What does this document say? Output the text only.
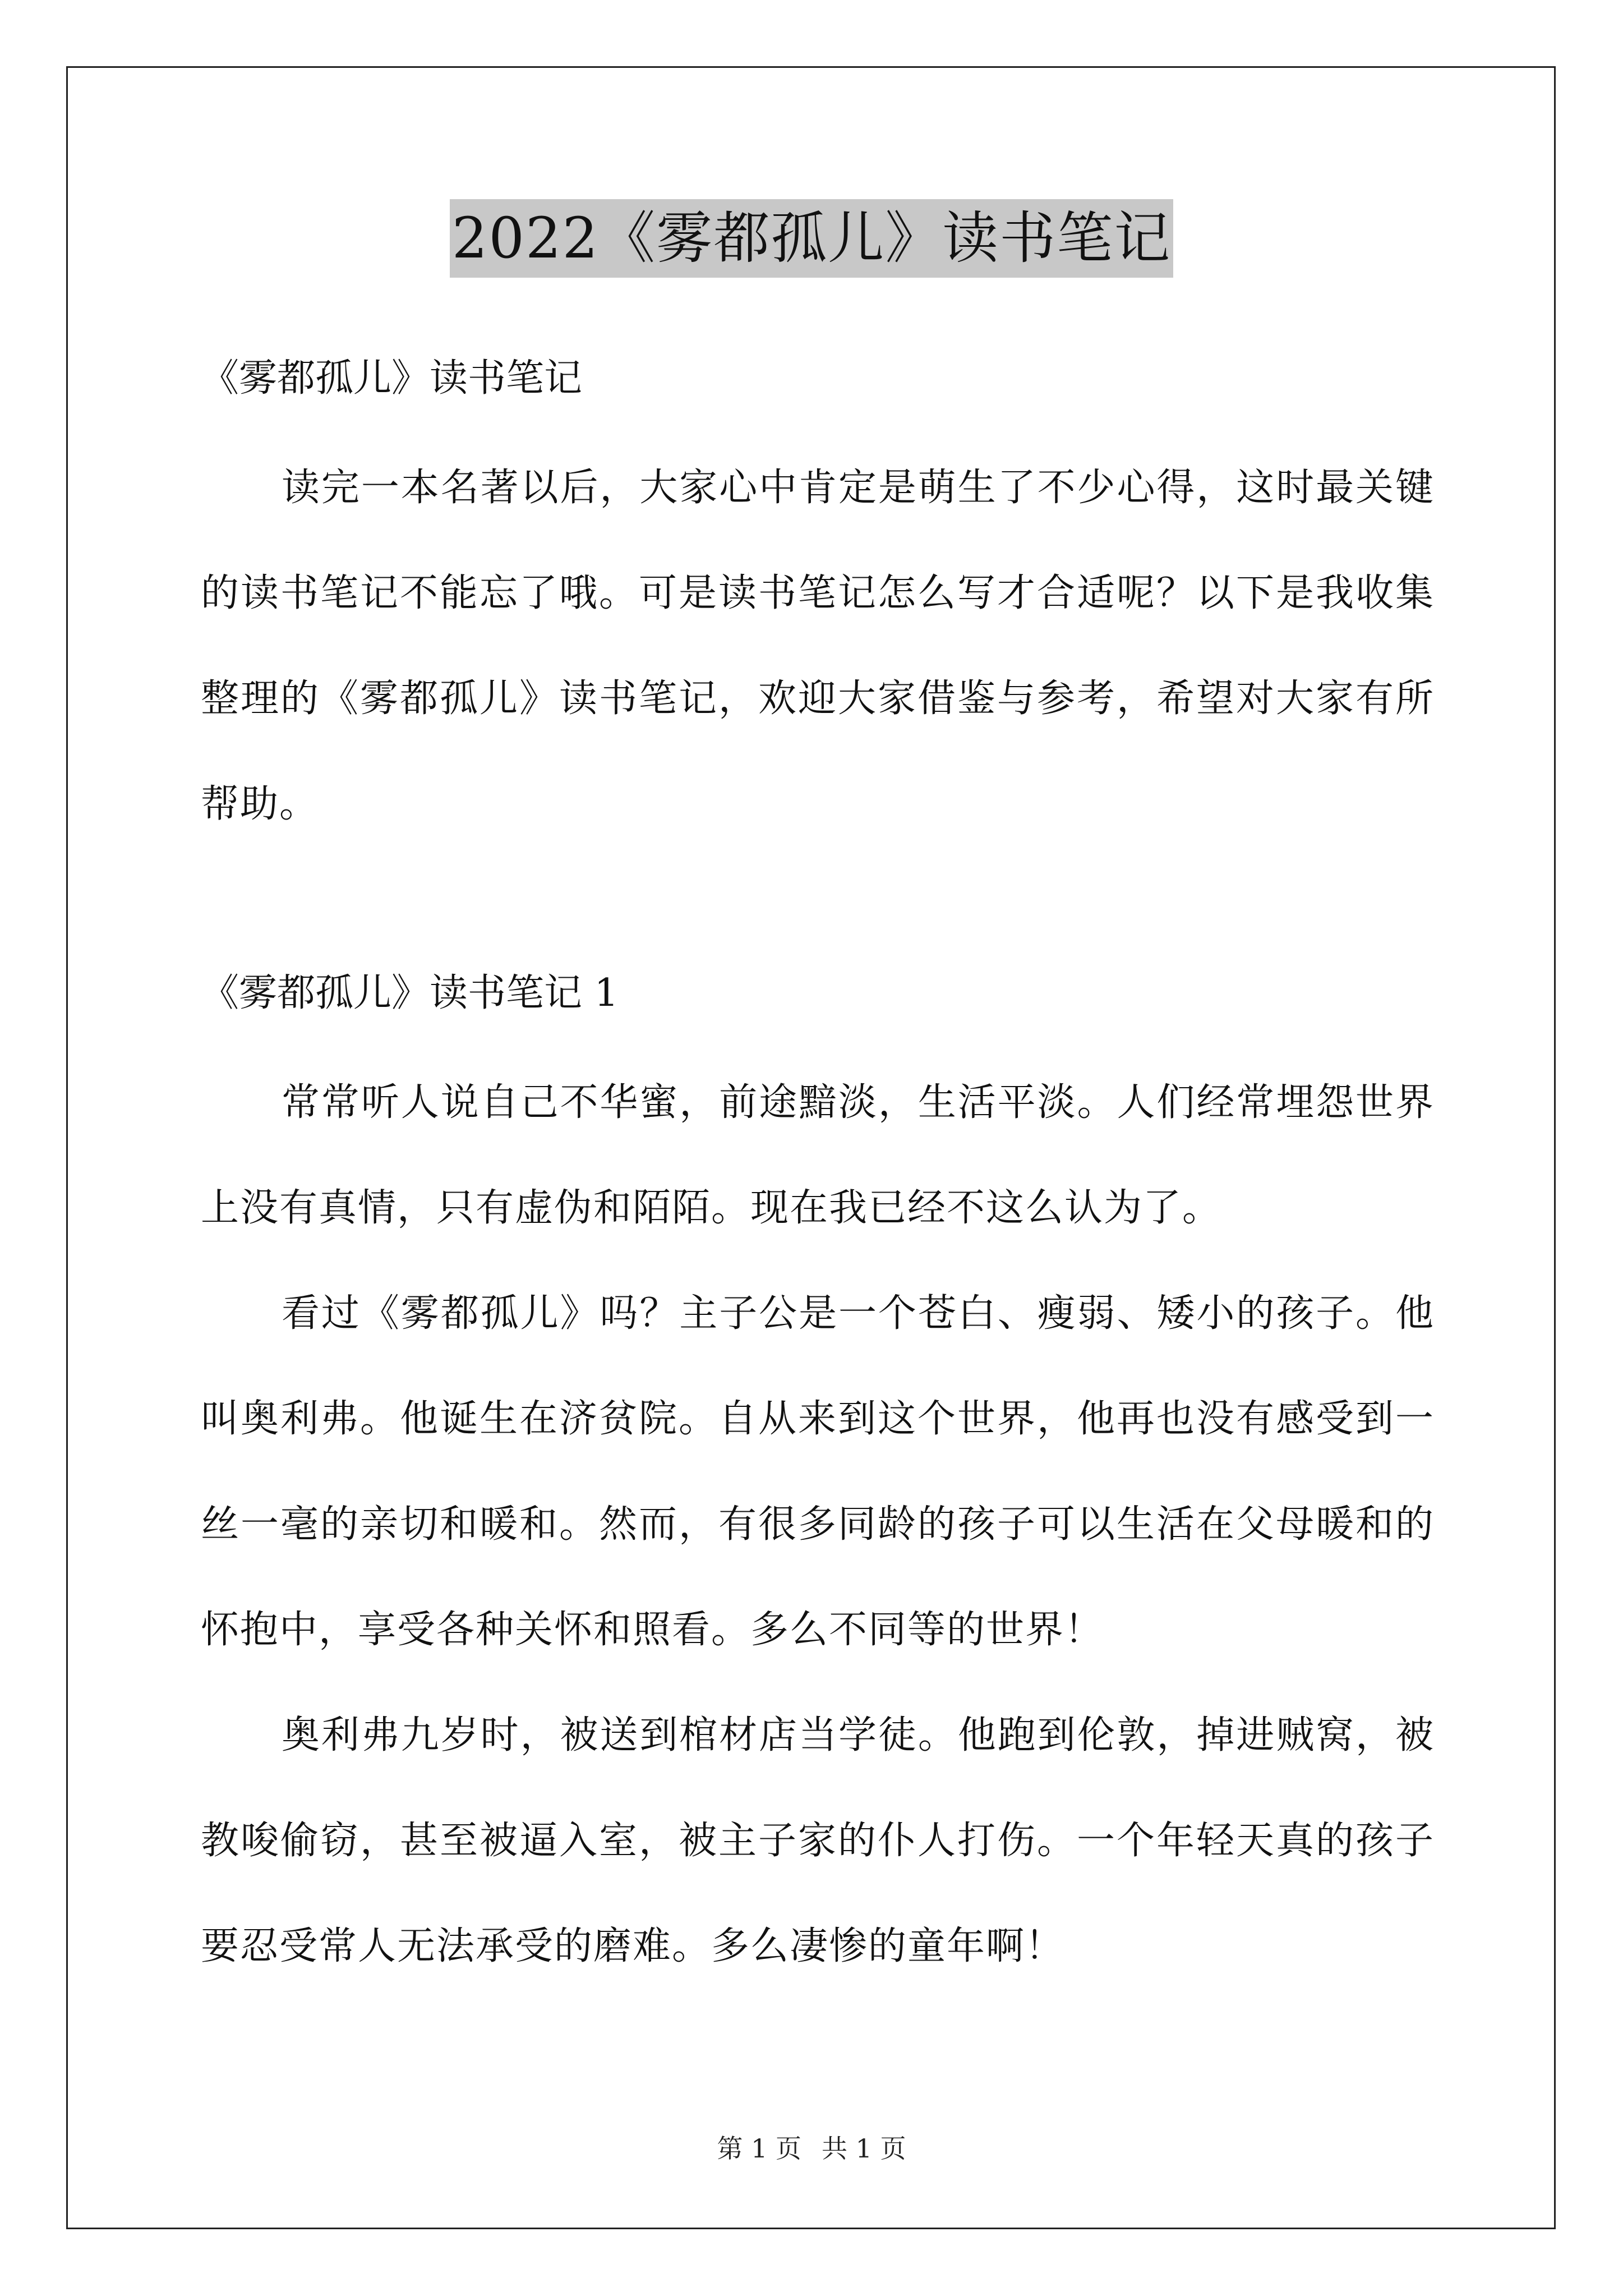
2022《雾都孤儿》读书笔记

《雾都孤儿》读书笔记

读完一本名著以后，大家心中肯定是萌生了不少心得，这时最关键的读书笔记不能忘了哦。可是读书笔记怎么写才合适呢？以下是我收集整理的《雾都孤儿》读书笔记，欢迎大家借鉴与参考，希望对大家有所帮助。

《雾都孤儿》读书笔记 1

常常听人说自己不华蜜，前途黯淡，生活平淡。人们经常埋怨世界上没有真情，只有虚伪和陌陌。现在我已经不这么认为了。

看过《雾都孤儿》吗？主子公是一个苍白、瘦弱、矮小的孩子。他叫奥利弗。他诞生在济贫院。自从来到这个世界，他再也没有感受到一丝一毫的亲切和暖和。然而，有很多同龄的孩子可以生活在父母暖和的怀抱中，享受各种关怀和照看。多么不同等的世界！

奥利弗九岁时，被送到棺材店当学徒。他跑到伦敦，掉进贼窝，被教唆偷窃，甚至被逼入室，被主子家的仆人打伤。一个年轻天真的孩子要忍受常人无法承受的磨难。多么凄惨的童年啊！

第 1 页 共 1 页
